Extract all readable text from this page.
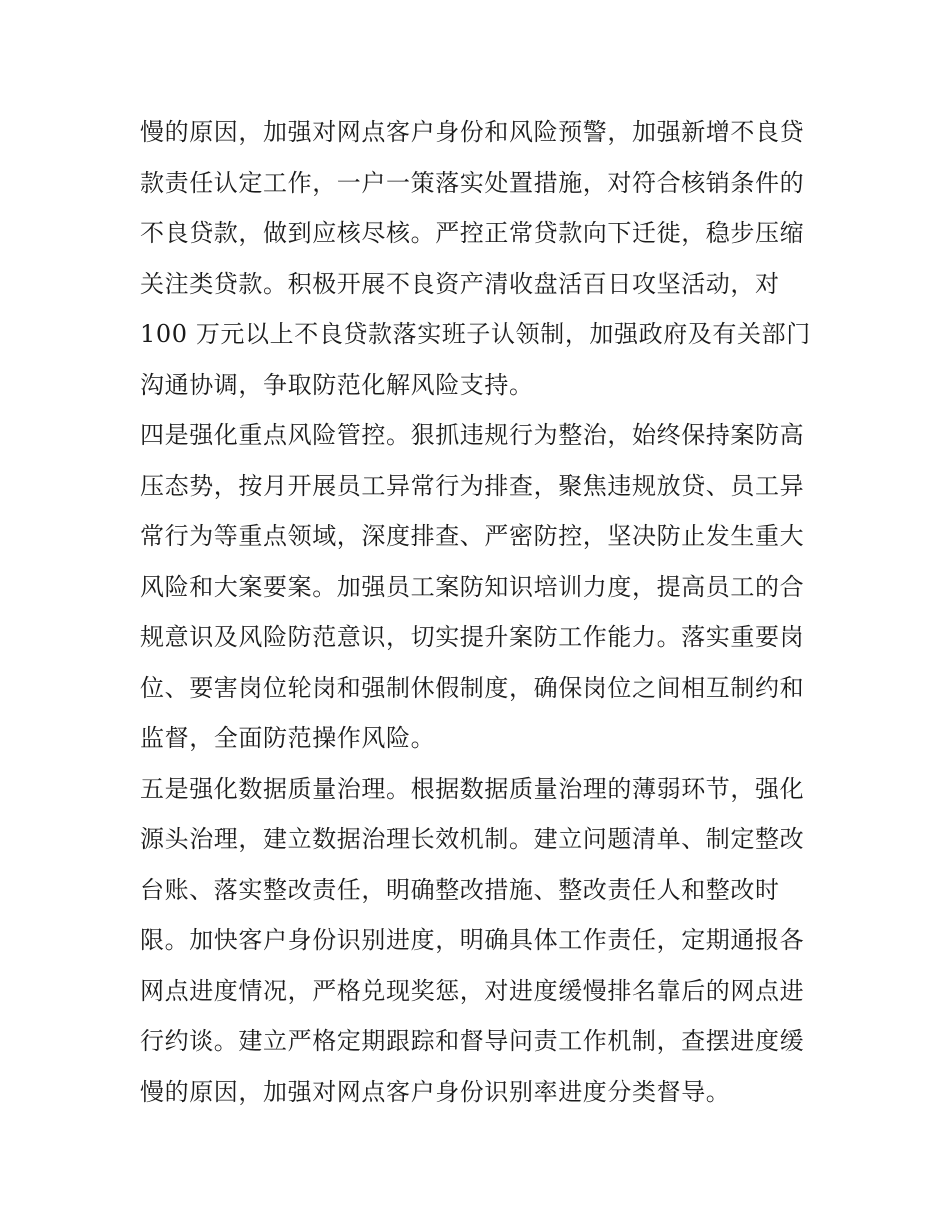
慢的原因，加强对网点客户身份和风险预警，加强新增不良贷
款责任认定工作，一户一策落实处置措施，对符合核销条件的
不良贷款，做到应核尽核。严控正常贷款向下迁徙，稳步压缩
关注类贷款。积极开展不良资产清收盘活百日攻坚活动，对
100 万元以上不良贷款落实班子认领制，加强政府及有关部门
沟通协调，争取防范化解风险支持。
四是强化重点风险管控。狠抓违规行为整治，始终保持案防高
压态势，按月开展员工异常行为排查，聚焦违规放贷、员工异
常行为等重点领域，深度排查、严密防控，坚决防止发生重大
风险和大案要案。加强员工案防知识培训力度，提高员工的合
规意识及风险防范意识，切实提升案防工作能力。落实重要岗
位、要害岗位轮岗和强制休假制度，确保岗位之间相互制约和
监督，全面防范操作风险。
五是强化数据质量治理。根据数据质量治理的薄弱环节，强化
源头治理，建立数据治理长效机制。建立问题清单、制定整改
台账、落实整改责任，明确整改措施、整改责任人和整改时
限。加快客户身份识别进度，明确具体工作责任，定期通报各
网点进度情况，严格兑现奖惩，对进度缓慢排名靠后的网点进
行约谈。建立严格定期跟踪和督导问责工作机制，查摆进度缓
慢的原因，加强对网点客户身份识别率进度分类督导。
